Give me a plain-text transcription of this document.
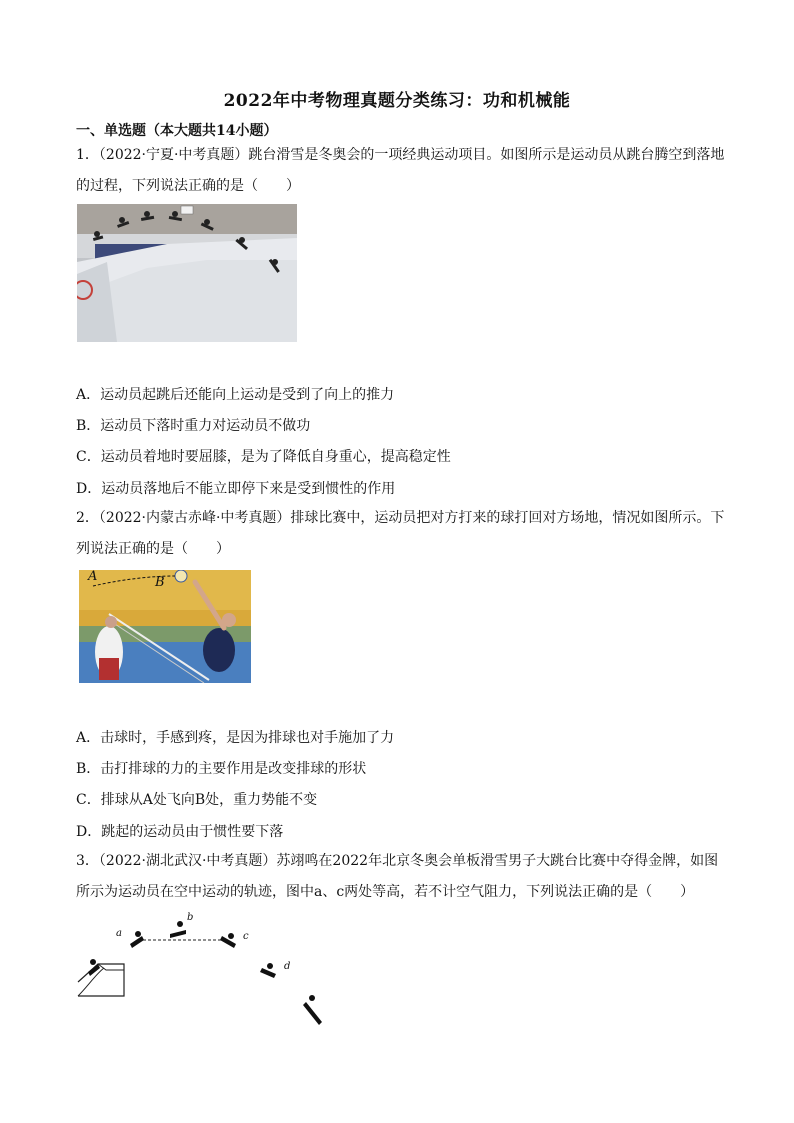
2022年中考物理真题分类练习：功和机械能
一、单选题（本大题共14小题）
1．（2022·宁夏·中考真题）跳台滑雪是冬奥会的一项经典运动项目。如图所示是运动员从跳台腾空到落地
的过程，下列说法正确的是（　　）
A．运动员起跳后还能向上运动是受到了向上的推力
B．运动员下落时重力对运动员不做功
C．运动员着地时要屈膝，是为了降低自身重心，提高稳定性
D．运动员落地后不能立即停下来是受到惯性的作用
2．（2022·内蒙古赤峰·中考真题）排球比赛中，运动员把对方打来的球打回对方场地，情况如图所示。下
列说法正确的是（　　）
A	B
A．击球时，手感到疼，是因为排球也对手施加了力
B．击打排球的力的主要作用是改变排球的形状
C．排球从A处飞向B处，重力势能不变
D．跳起的运动员由于惯性要下落
3．（2022·湖北武汉·中考真题）苏翊鸣在2022年北京冬奥会单板滑雪男子大跳台比赛中夺得金牌，如图
所示为运动员在空中运动的轨迹，图中a、c两处等高，若不计空气阻力，下列说法正确的是（　　）
a
b
c
d
